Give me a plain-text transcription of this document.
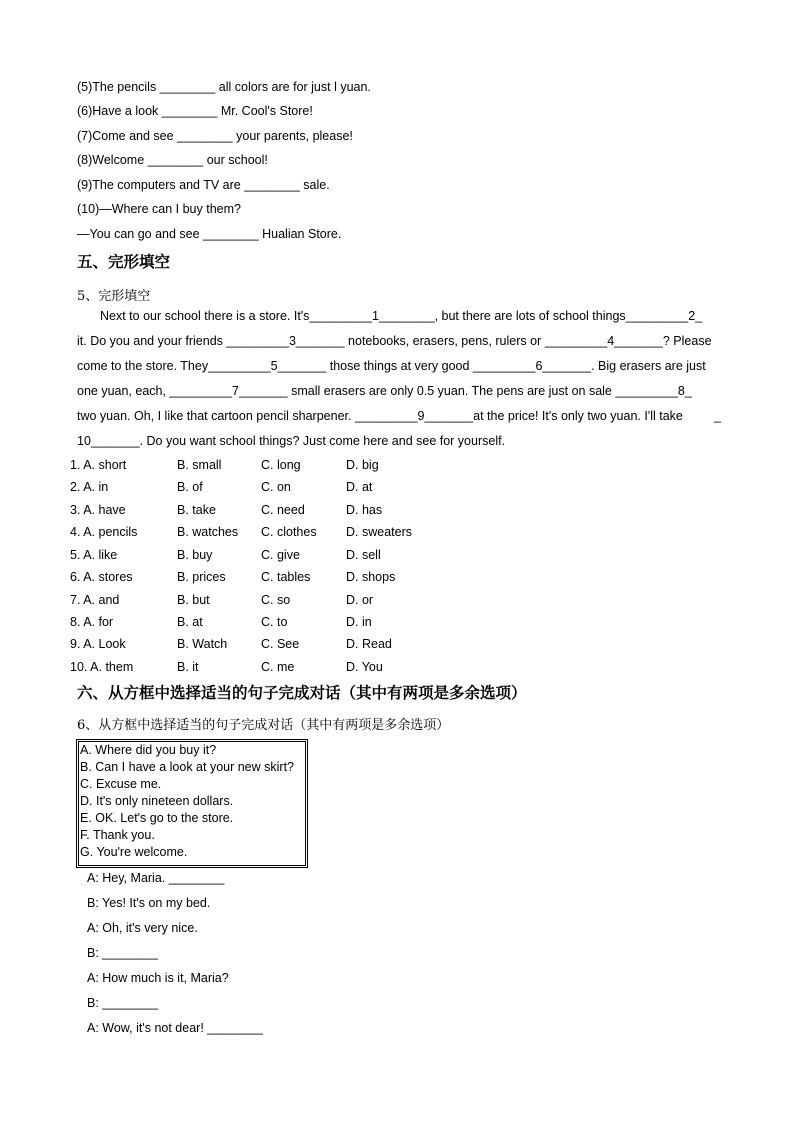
(5)The pencils ________ all colors are for just l yuan.
(6)Have a look ________ Mr. Cool's Store!
(7)Come and see ________ your parents, please!
(8)Welcome ________ our school!
(9)The computers and TV are ________ sale.
(10)—Where can I buy them?
—You can go and see ________ Hualian Store.
五、完形填空
5、完形填空
Next to our school there is a store. It's_________1________, but there are lots of school things_________2_
it. Do you and your friends _________3_______ notebooks, erasers, pens, rulers or _________4_______? Please
come to the store. They_________5_______ those things at very good _________6_______. Big erasers are just
one yuan, each, _________7_______ small erasers are only 0.5 yuan. The pens are just on sale _________8_
two yuan. Oh, I like that cartoon pencil sharpener. _________9_______at the price! It's only two yuan. I'll take _
10_______. Do you want school things? Just come here and see for yourself.
1. A. short	B. small	C. long	D. big
2. A. in	B. of	C. on	D. at
3. A. have	B. take	C. need	D. has
4. A. pencils	B. watches C. clothes D. sweaters
5. A. like	B. buy	C. give	D. sell
6. A. stores	B. prices	C. tables	D. shops
7. A. and	B. but	C. so	D. or
8. A. for	B. at	C. to	D. in
9. A. Look	B. Watch	C. See	D. Read
10. A. them	B. it	C. me	D. You
六、从方框中选择适当的句子完成对话（其中有两项是多余选项）
6、从方框中选择适当的句子完成对话（其中有两项是多余选项）
A. Where did you buy it?
B. Can I have a look at your new skirt?
C. Excuse me.
D. It's only nineteen dollars.
E. OK. Let's go to the store.
F. Thank you.
G. You're welcome.
A: Hey, Maria. ________
B: Yes! It's on my bed.
A: Oh, it's very nice.
B: ________
A: How much is it, Maria?
B: ________
A: Wow, it's not dear! ________
